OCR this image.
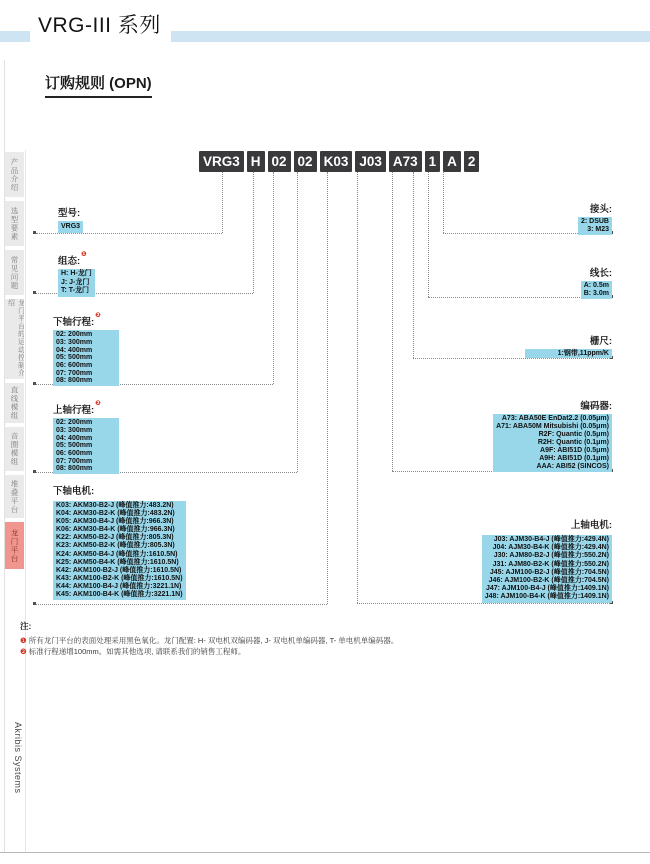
VRG-III 系列
订购规则 (OPN)
产品介绍
选型要素
常见问题
龙门平台的运动控制介绍
直线模组
音圈模组
堆叠平台
龙门平台
Akribis Systems
VRG3 H 02 02 K03 J03 A73 1 A 2
型号:
VRG3
组态:$^❶$
H: H-龙门
J: J-龙门
T: T-龙门
下轴行程:$^❷$
02: 200mm
03: 300mm
04: 400mm
05: 500mm
06: 600mm
07: 700mm
08: 800mm
上轴行程:$^❷$
02: 200mm
03: 300mm
04: 400mm
05: 500mm
06: 600mm
07: 700mm
08: 800mm
下轴电机:
K03: AKM30-B2-J (峰值推力:483.2N)
K04: AKM30-B2-K (峰值推力:483.2N)
K05: AKM30-B4-J (峰值推力:966.3N)
K06: AKM30-B4-K (峰值推力:966.3N)
K22: AKM50-B2-J (峰值推力:805.3N)
K23: AKM50-B2-K (峰值推力:805.3N)
K24: AKM50-B4-J (峰值推力:1610.5N)
K25: AKM50-B4-K (峰值推力:1610.5N)
K42: AKM100-B2-J (峰值推力:1610.5N)
K43: AKM100-B2-K (峰值推力:1610.5N)
K44: AKM100-B4-J (峰值推力:3221.1N)
K45: AKM100-B4-K (峰值推力:3221.1N)
接头:
2: DSUB
3: M23
线长:
A: 0.5m
B: 3.0m
栅尺:
1:钢带,11ppm/K
编码器:
A73: ABA50E EnDat2.2 (0.05μm)
A71: ABA50M Mitsubishi (0.05μm)
R2F: Quantic (0.5μm)
R2H: Quantic (0.1μm)
A9F: ABI51D (0.5μm)
A9H: ABI51D (0.1μm)
AAA: ABI52 (SINCOS)
上轴电机:
J03: AJM30-B4-J (峰值推力:429.4N)
J04: AJM30-B4-K (峰值推力:429.4N)
J30: AJM80-B2-J (峰值推力:550.2N)
J31: AJM80-B2-K (峰值推力:550.2N)
J45: AJM100-B2-J (峰值推力:704.5N)
J46: AJM100-B2-K (峰值推力:704.5N)
J47: AJM100-B4-J (峰值推力:1409.1N)
J48: AJM100-B4-K (峰值推力:1409.1N)
注:
❶ 所有龙门平台的表面处理采用黑色氧化。龙门配置: H- 双电机双编码器, J- 双电机单编码器, T- 单电机单编码器。
❷ 标准行程递增100mm。如需其他选项, 请联系我们的销售工程师。
